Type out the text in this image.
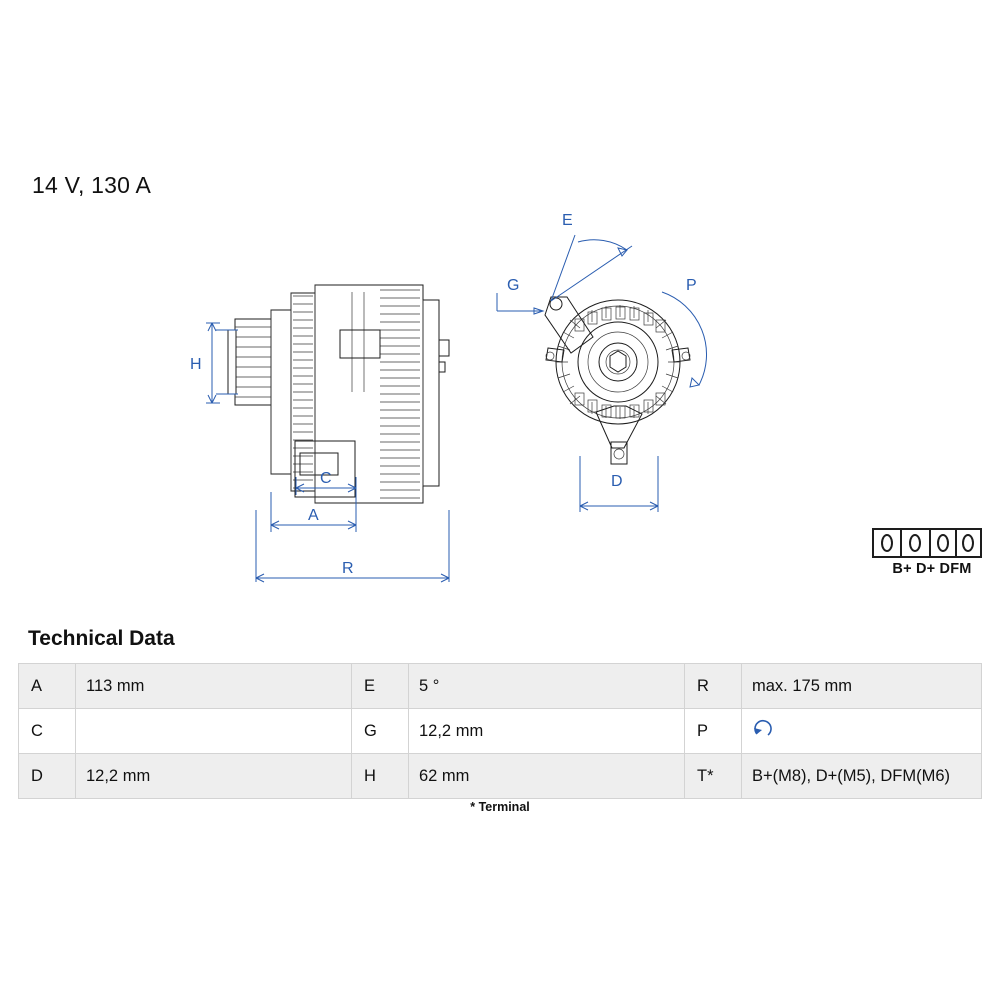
14 V, 130 A
H
C
A
R
E
G	P
D
B+ D+ DFM
Technical Data
A	113 mm	E	5 °	R	max. 175 mm
C		G	12,2 mm	P	
D	12,2 mm	H	62 mm	T*	B+(M8), D+(M5), DFM(M6)
* Terminal
